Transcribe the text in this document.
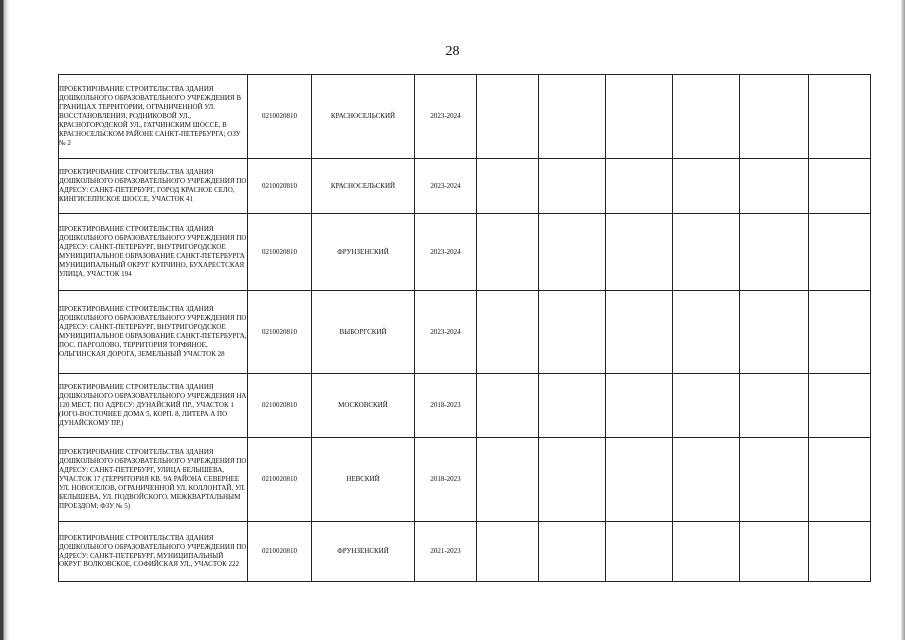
28
ПРОЕКТИРОВАНИЕ СТРОИТЕЛЬСТВА ЗДАНИЯ ДОШКОЛЬНОГО ОБРАЗОВАТЕЛЬНОГО УЧРЕЖДЕНИЯ В ГРАНИЦАХ ТЕРРИТОРИИ, ОГРАНИЧЕННОЙ УЛ. ВОССТАНОВЛЕНИЯ, РОДНИКОВОЙ УЛ., КРАСНОГОРОДСКОЙ УЛ., ГАТЧИНСКИМ ШОССЕ, В КРАСНОСЕЛЬСКОМ РАЙОНЕ САНКТ-ПЕТЕРБУРГА; ОЗУ № 2	0210020810	КРАСНОСЕЛЬСКИЙ	2023-2024						
ПРОЕКТИРОВАНИЕ СТРОИТЕЛЬСТВА ЗДАНИЯ ДОШКОЛЬНОГО ОБРАЗОВАТЕЛЬНОГО УЧРЕЖДЕНИЯ ПО АДРЕСУ: САНКТ-ПЕТЕРБУРГ, ГОРОД КРАСНОЕ СЕЛО, КИНГИСЕППСКОЕ ШОССЕ, УЧАСТОК 41	0210020810	КРАСНОСЕЛЬСКИЙ	2023-2024						
ПРОЕКТИРОВАНИЕ СТРОИТЕЛЬСТВА ЗДАНИЯ ДОШКОЛЬНОГО ОБРАЗОВАТЕЛЬНОГО УЧРЕЖДЕНИЯ ПО АДРЕСУ: САНКТ-ПЕТЕРБУРГ, ВНУТРИГОРОДСКОЕ МУНИЦИПАЛЬНОЕ ОБРАЗОВАНИЕ САНКТ-ПЕТЕРБУРГА МУНИЦИПАЛЬНЫЙ ОКРУГ КУПЧИНО, БУХАРЕСТСКАЯ УЛИЦА, УЧАСТОК 194	0210020810	ФРУНЗЕНСКИЙ	2023-2024						
ПРОЕКТИРОВАНИЕ СТРОИТЕЛЬСТВА ЗДАНИЯ ДОШКОЛЬНОГО ОБРАЗОВАТЕЛЬНОГО УЧРЕЖДЕНИЯ ПО АДРЕСУ: САНКТ-ПЕТЕРБУРГ, ВНУТРИГОРОДСКОЕ МУНИЦИПАЛЬНОЕ ОБРАЗОВАНИЕ САНКТ-ПЕТЕРБУРГА, ПОС. ПАРГОЛОВО, ТЕРРИТОРИЯ ТОРФЯНОЕ, ОЛЬГИНСКАЯ ДОРОГА, ЗЕМЕЛЬНЫЙ УЧАСТОК 28	0210020810	ВЫБОРГСКИЙ	2023-2024						
ПРОЕКТИРОВАНИЕ СТРОИТЕЛЬСТВА ЗДАНИЯ ДОШКОЛЬНОГО ОБРАЗОВАТЕЛЬНОГО УЧРЕЖДЕНИЯ НА 120 МЕСТ, ПО АДРЕСУ: ДУНАЙСКИЙ ПР., УЧАСТОК 1 (ЮГО-ВОСТОЧНЕЕ ДОМА 5, КОРП. 8, ЛИТЕРА А ПО ДУНАЙСКОМУ ПР.)	0210020810	МОСКОВСКИЙ	2018-2023						
ПРОЕКТИРОВАНИЕ СТРОИТЕЛЬСТВА ЗДАНИЯ ДОШКОЛЬНОГО ОБРАЗОВАТЕЛЬНОГО УЧРЕЖДЕНИЯ ПО АДРЕСУ: САНКТ-ПЕТЕРБУРГ, УЛИЦА БЕЛЫШЕВА, УЧАСТОК 17 (ТЕРРИТОРИЯ КВ. 9А РАЙОНА СЕВЕРНЕЕ УЛ. НОВОСЕЛОВ, ОГРАНИЧЕННОЙ УЛ. КОЛЛОНТАЙ, УЛ. БЕЛЫШЕВА, УЛ. ПОДВОЙСКОГО, МЕЖКВАРТАЛЬНЫМ ПРОЕЗДОМ; ФЗУ № 5)	0210020810	НЕВСКИЙ	2018-2023						
ПРОЕКТИРОВАНИЕ СТРОИТЕЛЬСТВА ЗДАНИЯ ДОШКОЛЬНОГО ОБРАЗОВАТЕЛЬНОГО УЧРЕЖДЕНИЯ ПО АДРЕСУ: САНКТ-ПЕТЕРБУРГ, МУНИЦИПАЛЬНЫЙ ОКРУГ ВОЛКОВСКОЕ, СОФИЙСКАЯ УЛ., УЧАСТОК 222	0210020810	ФРУНЗЕНСКИЙ	2021-2023						
